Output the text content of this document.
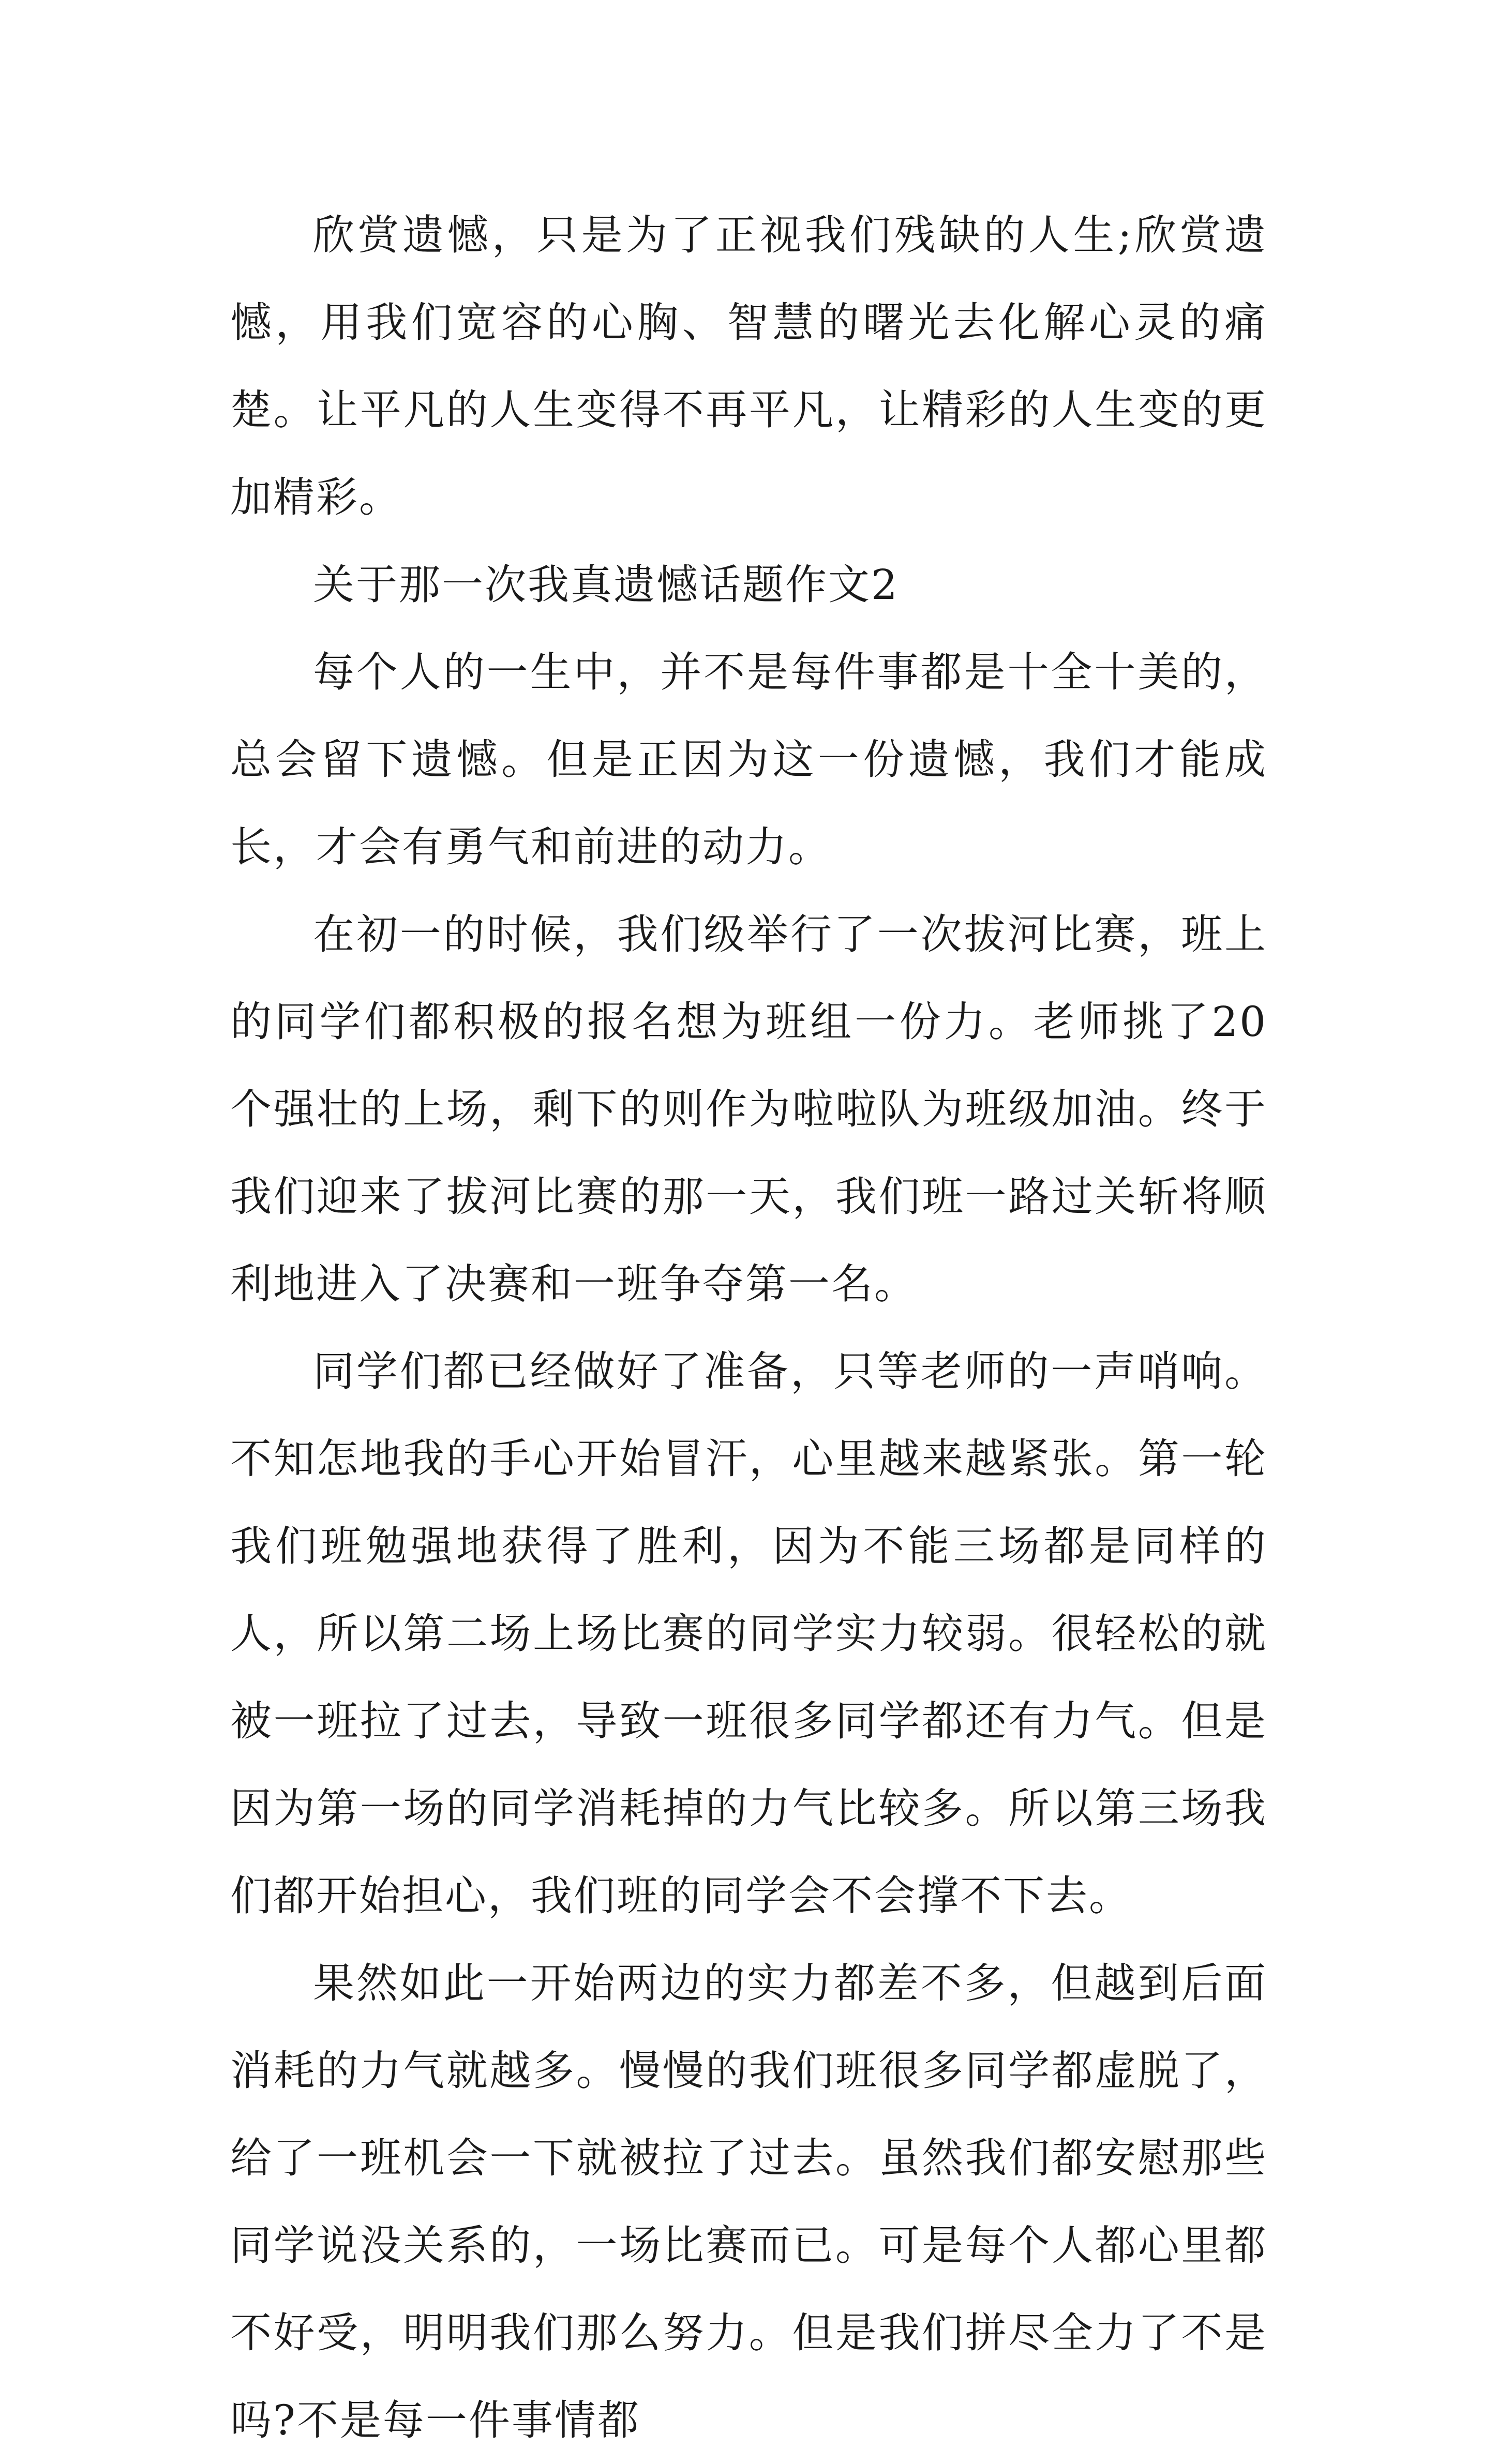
欣赏遗憾，只是为了正视我们残缺的人生;欣赏遗憾，用我们宽容的心胸、智慧的曙光去化解心灵的痛楚。让平凡的人生变得不再平凡，让精彩的人生变的更加精彩。

关于那一次我真遗憾话题作文2

每个人的一生中，并不是每件事都是十全十美的，总会留下遗憾。但是正因为这一份遗憾，我们才能成长，才会有勇气和前进的动力。

在初一的时候，我们级举行了一次拔河比赛，班上的同学们都积极的报名想为班组一份力。老师挑了20个强壮的上场，剩下的则作为啦啦队为班级加油。终于我们迎来了拔河比赛的那一天，我们班一路过关斩将顺利地进入了决赛和一班争夺第一名。

同学们都已经做好了准备，只等老师的一声哨响。不知怎地我的手心开始冒汗，心里越来越紧张。第一轮我们班勉强地获得了胜利，因为不能三场都是同样的人，所以第二场上场比赛的同学实力较弱。很轻松的就被一班拉了过去，导致一班很多同学都还有力气。但是因为第一场的同学消耗掉的力气比较多。所以第三场我们都开始担心，我们班的同学会不会撑不下去。

果然如此一开始两边的实力都差不多，但越到后面消耗的力气就越多。慢慢的我们班很多同学都虚脱了，给了一班机会一下就被拉了过去。虽然我们都安慰那些同学说没关系的，一场比赛而已。可是每个人都心里都不好受，明明我们那么努力。但是我们拼尽全力了不是吗?不是每一件事情都
